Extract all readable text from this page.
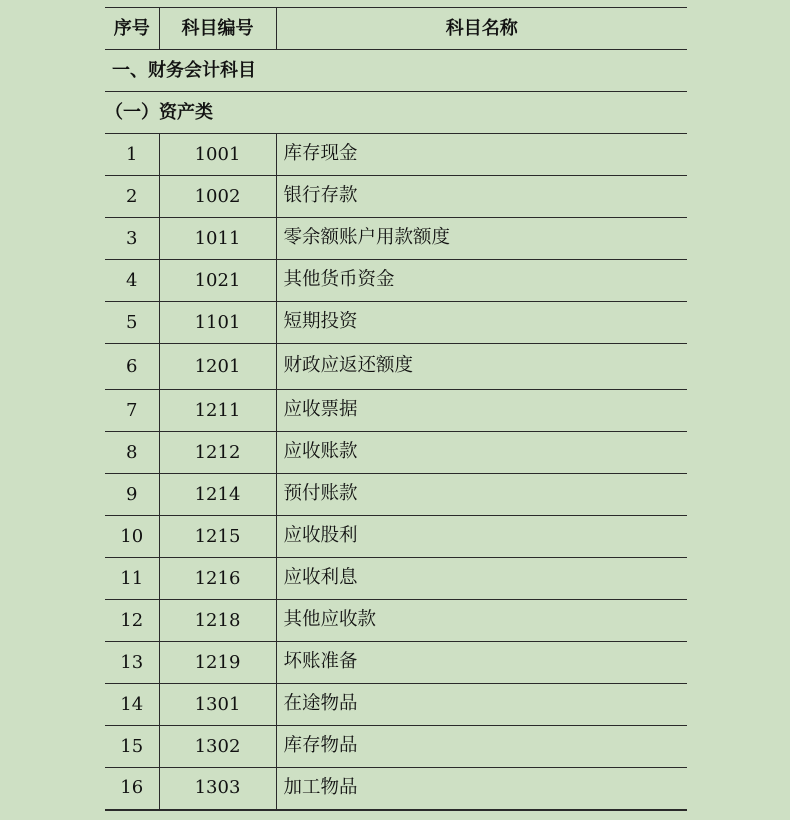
序号	科目编号	科目名称
一、财务会计科目		
（一）资产类		
1	1001	库存现金
2	1002	银行存款
3	1011	零余额账户用款额度
4	1021	其他货币资金
5	1101	短期投资
6	1201	财政应返还额度
7	1211	应收票据
8	1212	应收账款
9	1214	预付账款
10	1215	应收股利
11	1216	应收利息
12	1218	其他应收款
13	1219	坏账准备
14	1301	在途物品
15	1302	库存物品
16	1303	加工物品
